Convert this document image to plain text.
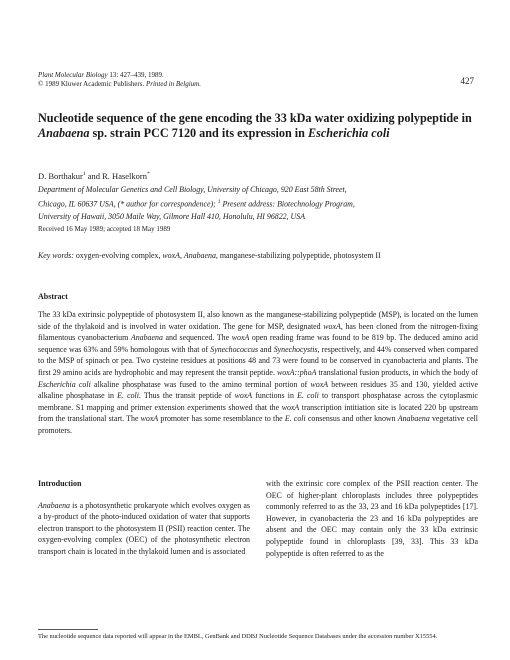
Plant Molecular Biology 13: 427–439, 1989.
© 1989 Kluwer Academic Publishers. Printed in Belgium.	427
Nucleotide sequence of the gene encoding the 33 kDa water oxidizing polypeptide in Anabaena sp. strain PCC 7120 and its expression in Escherichia coli
D. Borthakur$^1$ and R. Haselkorn*
Department of Molecular Genetics and Cell Biology, University of Chicago, 920 East 58th Street,
Chicago, IL 60637 USA, (* author for correspondence); $^1$ Present address: Biotechnology Program,
University of Hawaii, 3050 Maile Way, Gilmore Hall 410, Honolulu, HI 96822, USA
Received 16 May 1989; accepted 18 May 1989
Key words: oxygen-evolving complex, woxA, Anabaena, manganese-stabilizing polypeptide, photosystem II
Abstract
The 33 kDa extrinsic polypeptide of photosystem II, also known as the manganese-stabilizing polypeptide (MSP), is located on the lumen side of the thylakoid and is involved in water oxidation. The gene for MSP, designated woxA, has been cloned from the nitrogen-fixing filamentous cyanobacterium Anabaena and sequenced. The woxA open reading frame was found to be 819 bp. The deduced amino acid sequence was 63% and 59% homologous with that of Synechococcus and Synechocystis, respectively, and 44% conserved when compared to the MSP of spinach or pea. Two cysteine residues at positions 48 and 73 were found to be conserved in cyanobacteria and plants. The first 29 amino acids are hydrophobic and may represent the transit peptide. woxA::phoA translational fusion products, in which the body of Escherichia coli alkaline phosphatase was fused to the amino terminal portion of woxA between residues 35 and 130, yielded active alkaline phosphatase in E. coli. Thus the transit peptide of woxA functions in E. coli to transport phosphatase across the cytoplasmic membrane. S1 mapping and primer extension experiments showed that the woxA transcription intitiation site is located 220 bp upstream from the translational start. The woxA promoter has some resemblance to the E. coli consensus and other known Anabaena vegetative cell promoters.
Introduction
Anabaena is a photosynthetic prokaryote which evolves oxygen as a by-product of the photo-induced oxidation of water that supports electron transport to the photosystem II (PSII) reaction center. The oxygen-evolving complex (OEC) of the photosynthetic electron transport chain is located in the thylakoid lumen and is associated
with the extrinsic core complex of the PSII reaction center. The OEC of higher-plant chloroplasts includes three polypeptides commonly referred to as the 33, 23 and 16 kDa polypeptides [17]. However, in cyanobacteria the 23 and 16 kDa polypeptides are absent and the OEC may contain only the 33 kDa extrinsic polypeptide found in chloroplasts [39, 33]. This 33 kDa polypeptide is often referred to as the
The nucleotide sequence data reported will appear in the EMBL, GenBank and DDBJ Nucleotide Sequence Databases under the accession number X15554.
